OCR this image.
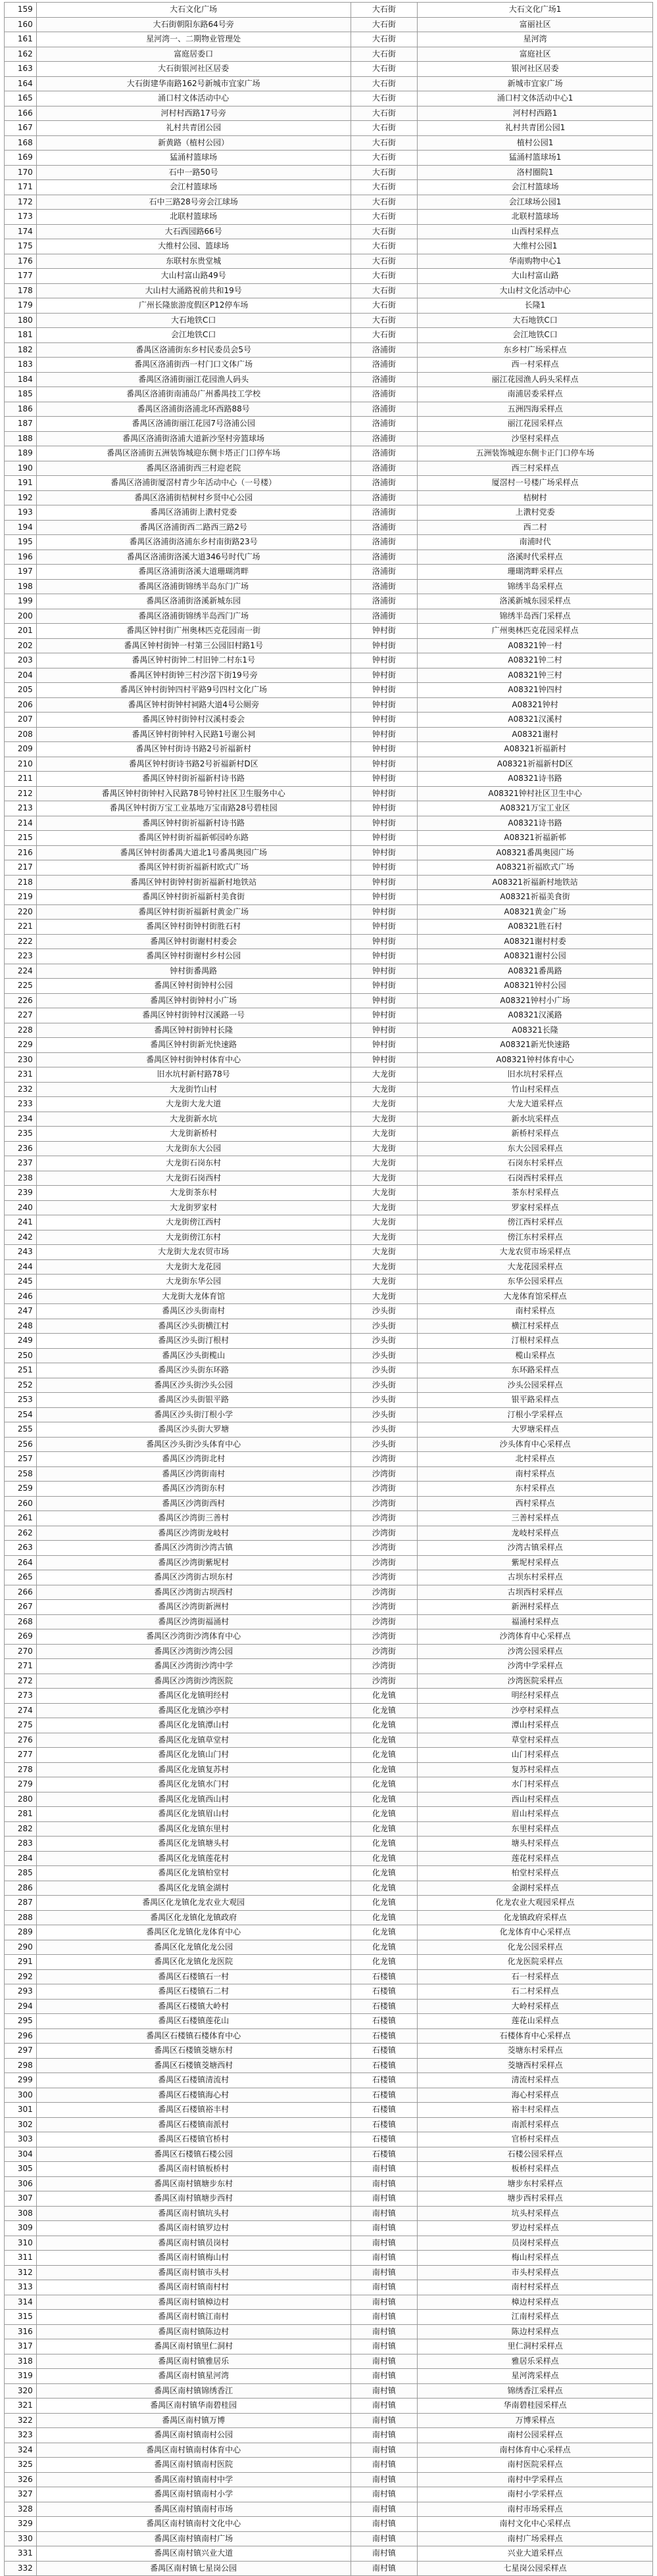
159	大石文化广场	大石街	大石文化广场1
160	大石街朝阳东路64号旁	大石街	富丽社区
161	星河湾一、二期物业管理处	大石街	星河湾
162	富庭居委口	大石街	富庭社区
163	大石街银河社区居委	大石街	银河社区居委
164	大石街建华南路162号新城市宜家广场	大石街	新城市宜家广场
165	涌口村文体活动中心	大石街	涌口村文体活动中心1
166	河村村西路17号旁	大石街	河村村西路1
167	礼村共青团公园	大石街	礼村共青团公园1
168	新黄路（植村公园）	大石街	植村公园1
169	猛涌村篮球场	大石街	猛涌村篮球场1
170	石中一路50号	大石街	洛村圈院1
171	会江村篮球场	大石街	会江村篮球场
172	石中三路28号旁会江球场	大石街	会江球场公园1
173	北联村篮球场	大石街	北联村篮球场
174	大石西园路66号	大石街	山西村采样点
175	大维村公园、篮球场	大石街	大维村公园1
176	东联村东贵堂城	大石街	华南购物中心1
177	大山村富山路49号	大石街	大山村富山路
178	大山村大涌路祝前共和19号	大石街	大山村文化活动中心
179	广州长隆旅游度假区P12停车场	大石街	长隆1
180	大石地铁C口	大石街	大石地铁C口
181	会江地铁C口	大石街	会江地铁C口
182	番禺区洛浦街东乡村民委员会5号	洛浦街	东乡村广场采样点
183	番禺区洛浦街西一村门口文体广场	洛浦街	西一村采样点
184	番禺区洛浦街丽江花园渔人码头	洛浦街	丽江花园渔人码头采样点
185	番禺区洛浦街南浦岛广州番禺技工学校	洛浦街	南浦居委采样点
186	番禺区洛浦街洛浦北环西路88号	洛浦街	五洲四海采样点
187	番禺区洛浦街丽江花园7号洛浦公园	洛浦街	丽江花园采样点
188	番禺区洛浦街洛浦大道新沙坚村旁篮球场	洛浦街	沙坚村采样点
189	番禺区洛浦街五洲装饰城迎东侧卡塔正门口停车场	洛浦街	五洲装饰城迎东侧卡正门口停车场
190	番禺区洛浦街西三村迎老院	洛浦街	西三村采样点
191	番禺区洛浦街厦滘村青少年活动中心（一号楼）	洛浦街	厦滘村一号楼广场采样点
192	番禺区洛浦街桔树村乡贤中心公园	洛浦街	桔树村
193	番禺区洛浦街上漖村党委	洛浦街	上漖村党委
194	番禺区洛浦街西二路西三路2号	洛浦街	西二村
195	番禺区洛浦街洛浦东乡村南街路23号	洛浦街	南浦时代
196	番禺区洛浦街洛溪大道346号时代广场	洛浦街	洛溪时代采样点
197	番禺区洛浦街洛溪大道珊瑚湾畔	洛浦街	珊瑚湾畔采样点
198	番禺区洛浦街锦绣半岛东门广场	洛浦街	锦绣半岛采样点
199	番禺区洛浦街洛溪新城东园	洛浦街	洛溪新城东园采样点
200	番禺区洛浦街锦绣半岛西门广场	洛浦街	锦绣半岛西门采样点
201	番禺区钟村街广州奥林匹克花园南一街	钟村街	广州奥林匹克花园采样点
202	番禺区钟村街钟一村第三公园旧村路1号	钟村街	A08321钟一村
203	番禺区钟村街钟二村旧钟二村东1号	钟村街	A08321钟二村
204	番禺区钟村街钟三村沙滘下街19号旁	钟村街	A08321钟三村
205	番禺区钟村街钟四村平路9号四村文化广场	钟村街	A08321钟四村
206	番禺区钟村街钟村祠路大道4号公厕旁	钟村街	A08321钟村
207	番禺区钟村街钟村汉溪村委会	钟村街	A08321汉溪村
208	番禺区钟村街钟村入民路1号谢公祠	钟村街	A08321谢村
209	番禺区钟村街诗书路2号祈福新村	钟村街	A08321祈福新村
210	番禺区钟村街诗书路2号祈福新村D区	钟村街	A08321祈福新村D区
211	番禺区钟村街祈福新村诗书路	钟村街	A08321诗书路
212	番禺区钟村街钟村入民路78号钟村社区卫生服务中心	钟村街	A08321钟村社区卫生中心
213	番禺区钟村街万宝工业基地万宝南路28号碧桂园	钟村街	A08321万宝工业区
214	番禺区钟村街祈福新村诗书路	钟村街	A08321诗书路
215	番禺区钟村街祈福新邨园岭东路	钟村街	A08321祈福新邨
216	番禺区钟村街番禺大道北1号番禺奥园广场	钟村街	A08321番禺奥园广场
217	番禺区钟村街祈福新村欧式广场	钟村街	A08321祈福欧式广场
218	番禺区钟村街钟村街祈福新村地铁站	钟村街	A08321祈福新村地铁站
219	番禺区钟村街祈福新村美食街	钟村街	A08321祈福美食街
220	番禺区钟村街祈福新村黄金广场	钟村街	A08321黄金广场
221	番禺区钟村街钟村街胜石村	钟村街	A08321胜石村
222	番禺区钟村街谢村村委会	钟村街	A08321谢村村委
223	番禺区钟村街谢村乡村公园	钟村街	A08321谢村公园
224	钟村街番禺路	钟村街	A08321番禺路
225	番禺区钟村街钟村公园	钟村街	A08321钟村公园
226	番禺区钟村街钟村小广场	钟村街	A08321钟村小广场
227	番禺区钟村街钟村汉溪路一号	钟村街	A08321汉溪路
228	番禺区钟村街钟村长隆	钟村街	A08321长隆
229	番禺区钟村街新光快速路	钟村街	A08321新光快速路
230	番禺区钟村街钟村体育中心	钟村街	A08321钟村体育中心
231	旧水坑村新村路78号	大龙街	旧水坑村采样点
232	大龙街竹山村	大龙街	竹山村采样点
233	大龙街大龙大道	大龙街	大龙大道采样点
234	大龙街新水坑	大龙街	新水坑采样点
235	大龙街新桥村	大龙街	新桥村采样点
236	大龙街东大公园	大龙街	东大公园采样点
237	大龙街石岗东村	大龙街	石岗东村采样点
238	大龙街石岗西村	大龙街	石岗西村采样点
239	大龙街茶东村	大龙街	茶东村采样点
240	大龙街罗家村	大龙街	罗家村采样点
241	大龙街傍江西村	大龙街	傍江西村采样点
242	大龙街傍江东村	大龙街	傍江东村采样点
243	大龙街大龙农贸市场	大龙街	大龙农贸市场采样点
244	大龙街大龙花园	大龙街	大龙花园采样点
245	大龙街东华公园	大龙街	东华公园采样点
246	大龙街大龙体育馆	大龙街	大龙体育馆采样点
247	番禺区沙头街南村	沙头街	南村采样点
248	番禺区沙头街横江村	沙头街	横江村采样点
249	番禺区沙头街汀根村	沙头街	汀根村采样点
250	番禺区沙头街榄山	沙头街	榄山采样点
251	番禺区沙头街东环路	沙头街	东环路采样点
252	番禺区沙头街沙头公园	沙头街	沙头公园采样点
253	番禺区沙头街银平路	沙头街	银平路采样点
254	番禺区沙头街汀根小学	沙头街	汀根小学采样点
255	番禺区沙头街大罗塘	沙头街	大罗塘采样点
256	番禺区沙头街沙头体育中心	沙头街	沙头体育中心采样点
257	番禺区沙湾街北村	沙湾街	北村采样点
258	番禺区沙湾街南村	沙湾街	南村采样点
259	番禺区沙湾街东村	沙湾街	东村采样点
260	番禺区沙湾街西村	沙湾街	西村采样点
261	番禺区沙湾街三善村	沙湾街	三善村采样点
262	番禺区沙湾街龙岐村	沙湾街	龙岐村采样点
263	番禺区沙湾街沙湾古镇	沙湾街	沙湾古镇采样点
264	番禺区沙湾街紫坭村	沙湾街	紫坭村采样点
265	番禺区沙湾街古坝东村	沙湾街	古坝东村采样点
266	番禺区沙湾街古坝西村	沙湾街	古坝西村采样点
267	番禺区沙湾街新洲村	沙湾街	新洲村采样点
268	番禺区沙湾街福涌村	沙湾街	福涌村采样点
269	番禺区沙湾街沙湾体育中心	沙湾街	沙湾体育中心采样点
270	番禺区沙湾街沙湾公园	沙湾街	沙湾公园采样点
271	番禺区沙湾街沙湾中学	沙湾街	沙湾中学采样点
272	番禺区沙湾街沙湾医院	沙湾街	沙湾医院采样点
273	番禺区化龙镇明经村	化龙镇	明经村采样点
274	番禺区化龙镇沙亭村	化龙镇	沙亭村采样点
275	番禺区化龙镇潭山村	化龙镇	潭山村采样点
276	番禺区化龙镇草堂村	化龙镇	草堂村采样点
277	番禺区化龙镇山门村	化龙镇	山门村采样点
278	番禺区化龙镇复苏村	化龙镇	复苏村采样点
279	番禺区化龙镇水门村	化龙镇	水门村采样点
280	番禺区化龙镇西山村	化龙镇	西山村采样点
281	番禺区化龙镇眉山村	化龙镇	眉山村采样点
282	番禺区化龙镇东里村	化龙镇	东里村采样点
283	番禺区化龙镇塘头村	化龙镇	塘头村采样点
284	番禺区化龙镇莲花村	化龙镇	莲花村采样点
285	番禺区化龙镇柏堂村	化龙镇	柏堂村采样点
286	番禺区化龙镇金湖村	化龙镇	金湖村采样点
287	番禺区化龙镇化龙农业大观园	化龙镇	化龙农业大观园采样点
288	番禺区化龙镇化龙镇政府	化龙镇	化龙镇政府采样点
289	番禺区化龙镇化龙体育中心	化龙镇	化龙体育中心采样点
290	番禺区化龙镇化龙公园	化龙镇	化龙公园采样点
291	番禺区化龙镇化龙医院	化龙镇	化龙医院采样点
292	番禺区石楼镇石一村	石楼镇	石一村采样点
293	番禺区石楼镇石二村	石楼镇	石二村采样点
294	番禺区石楼镇大岭村	石楼镇	大岭村采样点
295	番禺区石楼镇莲花山	石楼镇	莲花山采样点
296	番禺区石楼镇石楼体育中心	石楼镇	石楼体育中心采样点
297	番禺区石楼镇茭塘东村	石楼镇	茭塘东村采样点
298	番禺区石楼镇茭塘西村	石楼镇	茭塘西村采样点
299	番禺区石楼镇清流村	石楼镇	清流村采样点
300	番禺区石楼镇海心村	石楼镇	海心村采样点
301	番禺区石楼镇裕丰村	石楼镇	裕丰村采样点
302	番禺区石楼镇南派村	石楼镇	南派村采样点
303	番禺区石楼镇官桥村	石楼镇	官桥村采样点
304	番禺区石楼镇石楼公园	石楼镇	石楼公园采样点
305	番禺区南村镇板桥村	南村镇	板桥村采样点
306	番禺区南村镇塘步东村	南村镇	塘步东村采样点
307	番禺区南村镇塘步西村	南村镇	塘步西村采样点
308	番禺区南村镇坑头村	南村镇	坑头村采样点
309	番禺区南村镇罗边村	南村镇	罗边村采样点
310	番禺区南村镇员岗村	南村镇	员岗村采样点
311	番禺区南村镇梅山村	南村镇	梅山村采样点
312	番禺区南村镇市头村	南村镇	市头村采样点
313	番禺区南村镇南村村	南村镇	南村村采样点
314	番禺区南村镇樟边村	南村镇	樟边村采样点
315	番禺区南村镇江南村	南村镇	江南村采样点
316	番禺区南村镇陈边村	南村镇	陈边村采样点
317	番禺区南村镇里仁洞村	南村镇	里仁洞村采样点
318	番禺区南村镇雅居乐	南村镇	雅居乐采样点
319	番禺区南村镇星河湾	南村镇	星河湾采样点
320	番禺区南村镇锦绣香江	南村镇	锦绣香江采样点
321	番禺区南村镇华南碧桂园	南村镇	华南碧桂园采样点
322	番禺区南村镇万博	南村镇	万博采样点
323	番禺区南村镇南村公园	南村镇	南村公园采样点
324	番禺区南村镇南村体育中心	南村镇	南村体育中心采样点
325	番禺区南村镇南村医院	南村镇	南村医院采样点
326	番禺区南村镇南村中学	南村镇	南村中学采样点
327	番禺区南村镇南村小学	南村镇	南村小学采样点
328	番禺区南村镇南村市场	南村镇	南村市场采样点
329	番禺区南村镇南村文化中心	南村镇	南村文化中心采样点
330	番禺区南村镇南村广场	南村镇	南村广场采样点
331	番禺区南村镇兴业大道	南村镇	兴业大道采样点
332	番禺区南村镇七星岗公园	南村镇	七星岗公园采样点
